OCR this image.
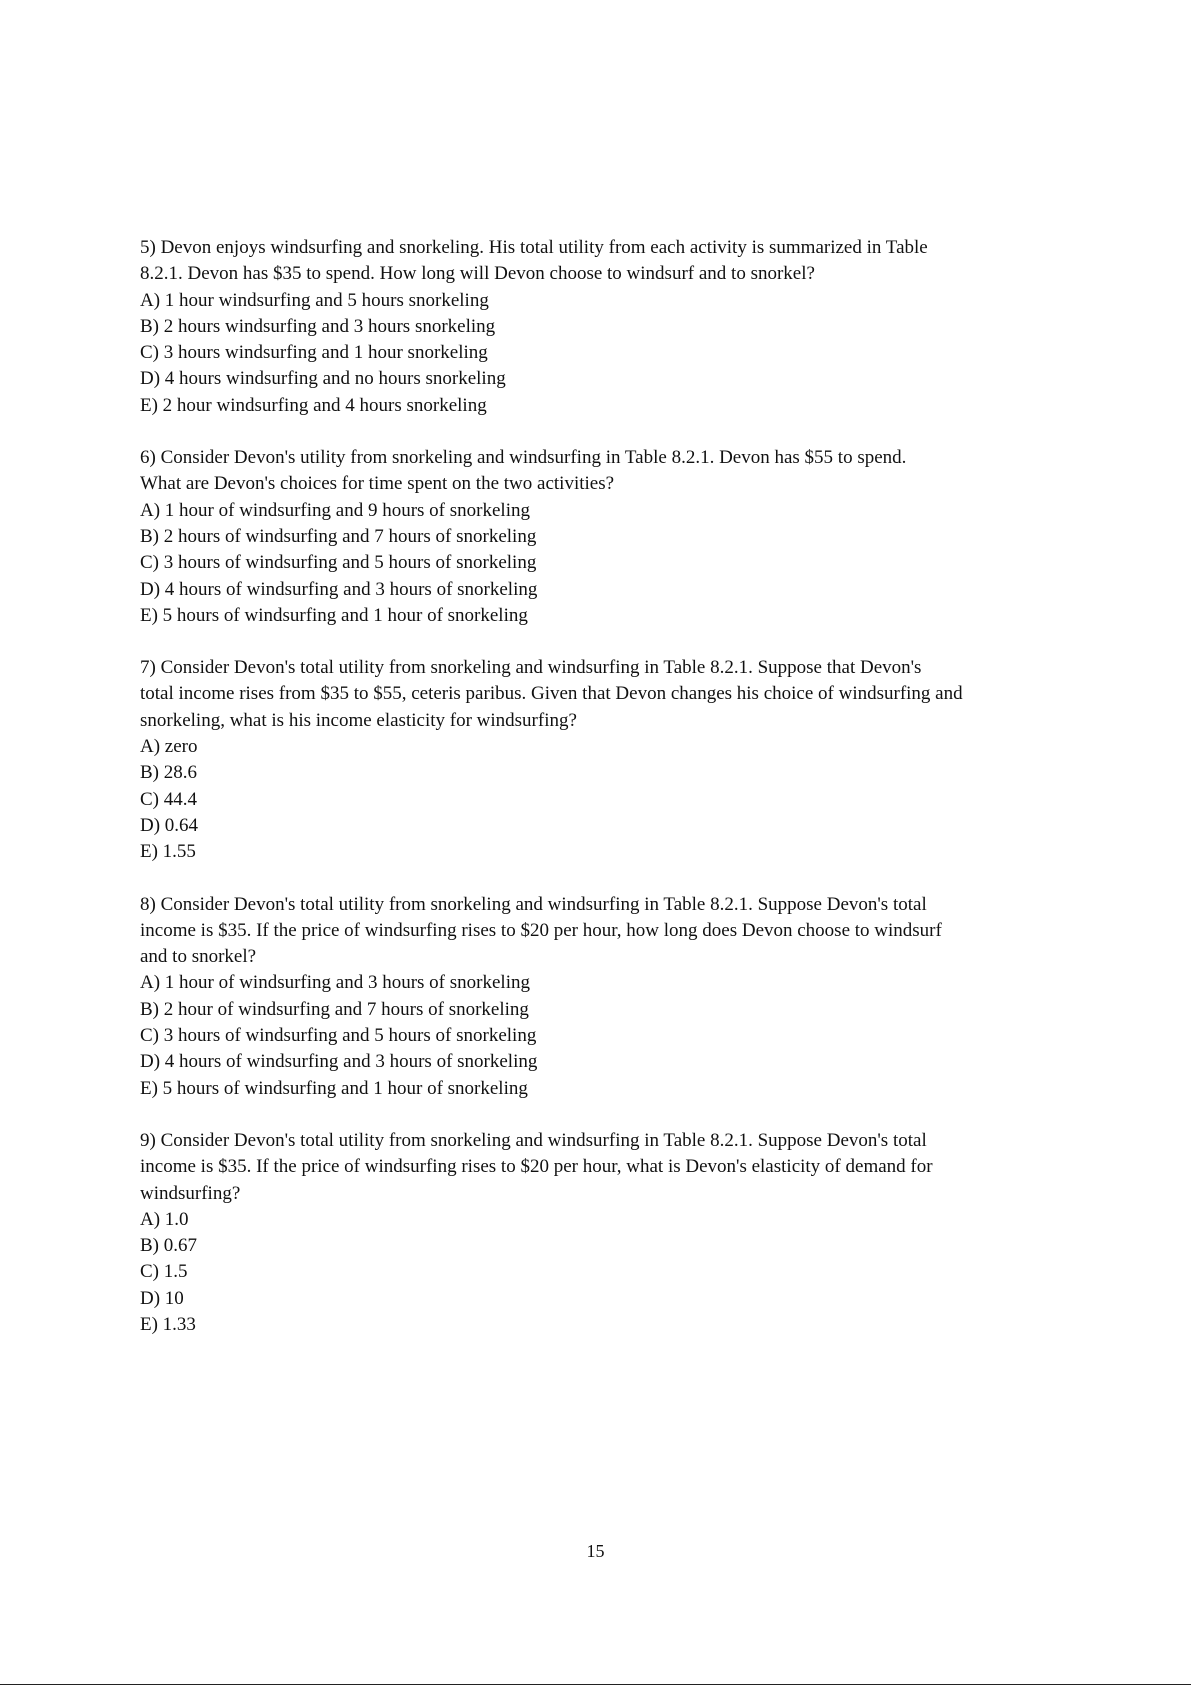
5) Devon enjoys windsurfing and snorkeling. His total utility from each activity is summarized in Table
8.2.1. Devon has $35 to spend. How long will Devon choose to windsurf and to snorkel?
A) 1 hour windsurfing and 5 hours snorkeling
B) 2 hours windsurfing and 3 hours snorkeling
C) 3 hours windsurfing and 1 hour snorkeling
D) 4 hours windsurfing and no hours snorkeling
E) 2 hour windsurfing and 4 hours snorkeling
6) Consider Devon's utility from snorkeling and windsurfing in Table 8.2.1. Devon has $55 to spend.
What are Devon's choices for time spent on the two activities?
A) 1 hour of windsurfing and 9 hours of snorkeling
B) 2 hours of windsurfing and 7 hours of snorkeling
C) 3 hours of windsurfing and 5 hours of snorkeling
D) 4 hours of windsurfing and 3 hours of snorkeling
E) 5 hours of windsurfing and 1 hour of snorkeling
7) Consider Devon's total utility from snorkeling and windsurfing in Table 8.2.1. Suppose that Devon's
total income rises from $35 to $55, ceteris paribus. Given that Devon changes his choice of windsurfing and
snorkeling, what is his income elasticity for windsurfing?
A) zero
B) 28.6
C) 44.4
D) 0.64
E) 1.55
8) Consider Devon's total utility from snorkeling and windsurfing in Table 8.2.1. Suppose Devon's total
income is $35. If the price of windsurfing rises to $20 per hour, how long does Devon choose to windsurf
and to snorkel?
A) 1 hour of windsurfing and 3 hours of snorkeling
B) 2 hour of windsurfing and 7 hours of snorkeling
C) 3 hours of windsurfing and 5 hours of snorkeling
D) 4 hours of windsurfing and 3 hours of snorkeling
E) 5 hours of windsurfing and 1 hour of snorkeling
9) Consider Devon's total utility from snorkeling and windsurfing in Table 8.2.1. Suppose Devon's total
income is $35. If the price of windsurfing rises to $20 per hour, what is Devon's elasticity of demand for
windsurfing?
A) 1.0
B) 0.67
C) 1.5
D) 10
E) 1.33
15
